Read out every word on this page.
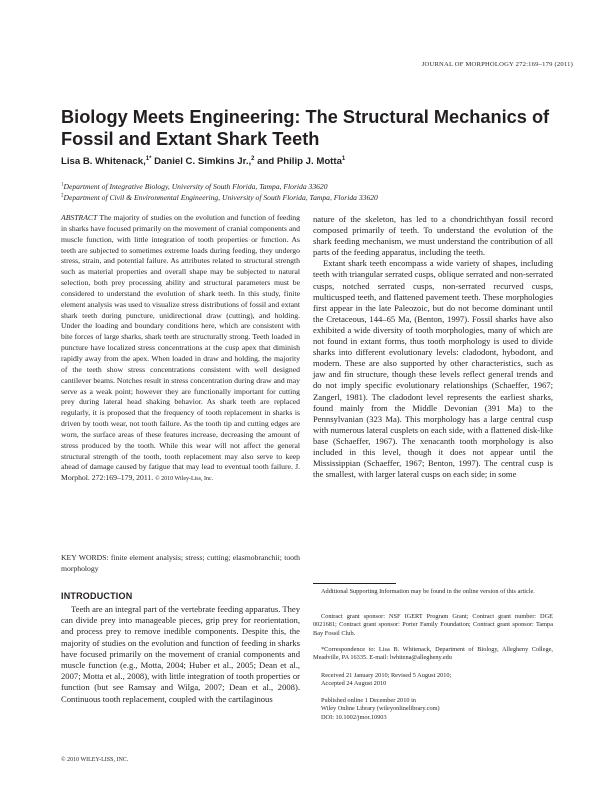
JOURNAL OF MORPHOLOGY 272:169–179 (2011)
Biology Meets Engineering: The Structural Mechanics of Fossil and Extant Shark Teeth
Lisa B. Whitenack,$^{1*}$ Daniel C. Simkins Jr.,$^2$ and Philip J. Motta$^1$
$^1$Department of Integrative Biology, University of South Florida, Tampa, Florida 33620
$^2$Department of Civil & Environmental Engineering, University of South Florida, Tampa, Florida 33620

ABSTRACT The majority of studies on the evolution and function of feeding in sharks have focused primarily on the movement of cranial components and muscle function, with little integration of tooth properties or function. As teeth are subjected to sometimes extreme loads during feeding, they undergo stress, strain, and potential failure. As attributes related to structural strength such as material properties and overall shape may be subjected to natural selection, both prey processing ability and structural parameters must be considered to understand the evolution of shark teeth. In this study, finite element analysis was used to visualize stress distributions of fossil and extant shark teeth during puncture, unidirectional draw (cutting), and holding. Under the loading and boundary conditions here, which are consistent with bite forces of large sharks, shark teeth are structurally strong. Teeth loaded in puncture have localized stress concentrations at the cusp apex that diminish rapidly away from the apex. When loaded in draw and holding, the majority of the teeth show stress concentrations consistent with well designed cantilever beams. Notches result in stress concentration during draw and may serve as a weak point; however they are functionally important for cutting prey during lateral head shaking behavior. As shark teeth are replaced regularly, it is proposed that the frequency of tooth replacement in sharks is driven by tooth wear, not tooth failure. As the tooth tip and cutting edges are worn, the surface areas of these features increase, decreasing the amount of stress produced by the tooth. While this wear will not affect the general structural strength of the tooth, tooth replacement may also serve to keep ahead of damage caused by fatigue that may lead to eventual tooth failure. J. Morphol. 272:169–179, 2011. © 2010 Wiley-Liss, Inc.

KEY WORDS: finite element analysis; stress; cutting; elasmobranchii; tooth morphology
INTRODUCTION

Teeth are an integral part of the vertebrate feeding apparatus. They can divide prey into manageable pieces, grip prey for reorientation, and process prey to remove inedible components. Despite this, the majority of studies on the evolution and function of feeding in sharks have focused primarily on the movement of cranial components and muscle function (e.g., Motta, 2004; Huber et al., 2005; Dean et al., 2007; Motta et al., 2008), with little integration of tooth properties or function (but see Ramsay and Wilga, 2007; Dean et al., 2008). Continuous tooth replacement, coupled with the cartilaginous

nature of the skeleton, has led to a chondrichthyan fossil record composed primarily of teeth. To understand the evolution of the shark feeding mechanism, we must understand the contribution of all parts of the feeding apparatus, including the teeth.

Extant shark teeth encompass a wide variety of shapes, including teeth with triangular serrated cusps, oblique serrated and non-serrated cusps, notched serrated cusps, non-serrated recurved cusps, multicusped teeth, and flattened pavement teeth. These morphologies first appear in the late Paleozoic, but do not become dominant until the Cretaceous, 144–65 Ma, (Benton, 1997). Fossil sharks have also exhibited a wide diversity of tooth morphologies, many of which are not found in extant forms, thus tooth morphology is used to divide sharks into different evolutionary levels: cladodont, hybodont, and modern. These are also supported by other characteristics, such as jaw and fin structure, though these levels reflect general trends and do not imply specific evolutionary relationships (Schaeffer, 1967; Zangerl, 1981). The cladodont level represents the earliest sharks, found mainly from the Middle Devonian (391 Ma) to the Pennsylvanian (323 Ma). This morphology has a large central cusp with numerous lateral cusplets on each side, with a flattened disk-like base (Schaeffer, 1967). The xenacanth tooth morphology is also included in this level, though it does not appear until the Mississippian (Schaeffer, 1967; Benton, 1997). The central cusp is the smallest, with larger lateral cusps on each side; in some

Additional Supporting Information may be found in the online version of this article.

Contract grant sponsor: NSF IGERT Program Grant; Contract grant number: DGE 0021681; Contract grant sponsor: Porter Family Foundation; Contract grant sponsor: Tampa Bay Fossil Club.

*Correspondence to: Lisa B. Whitenack, Department of Biology, Allegheny College, Meadville, PA 16335. E-mail: lwhitena@allegheny.edu

Received 21 January 2010; Revised 5 August 2010;

Accepted 24 August 2010

Published online 1 December 2010 in

Wiley Online Library (wileyonlinelibrary.com)

DOI: 10.1002/jmor.10903

© 2010 WILEY-LISS, INC.
